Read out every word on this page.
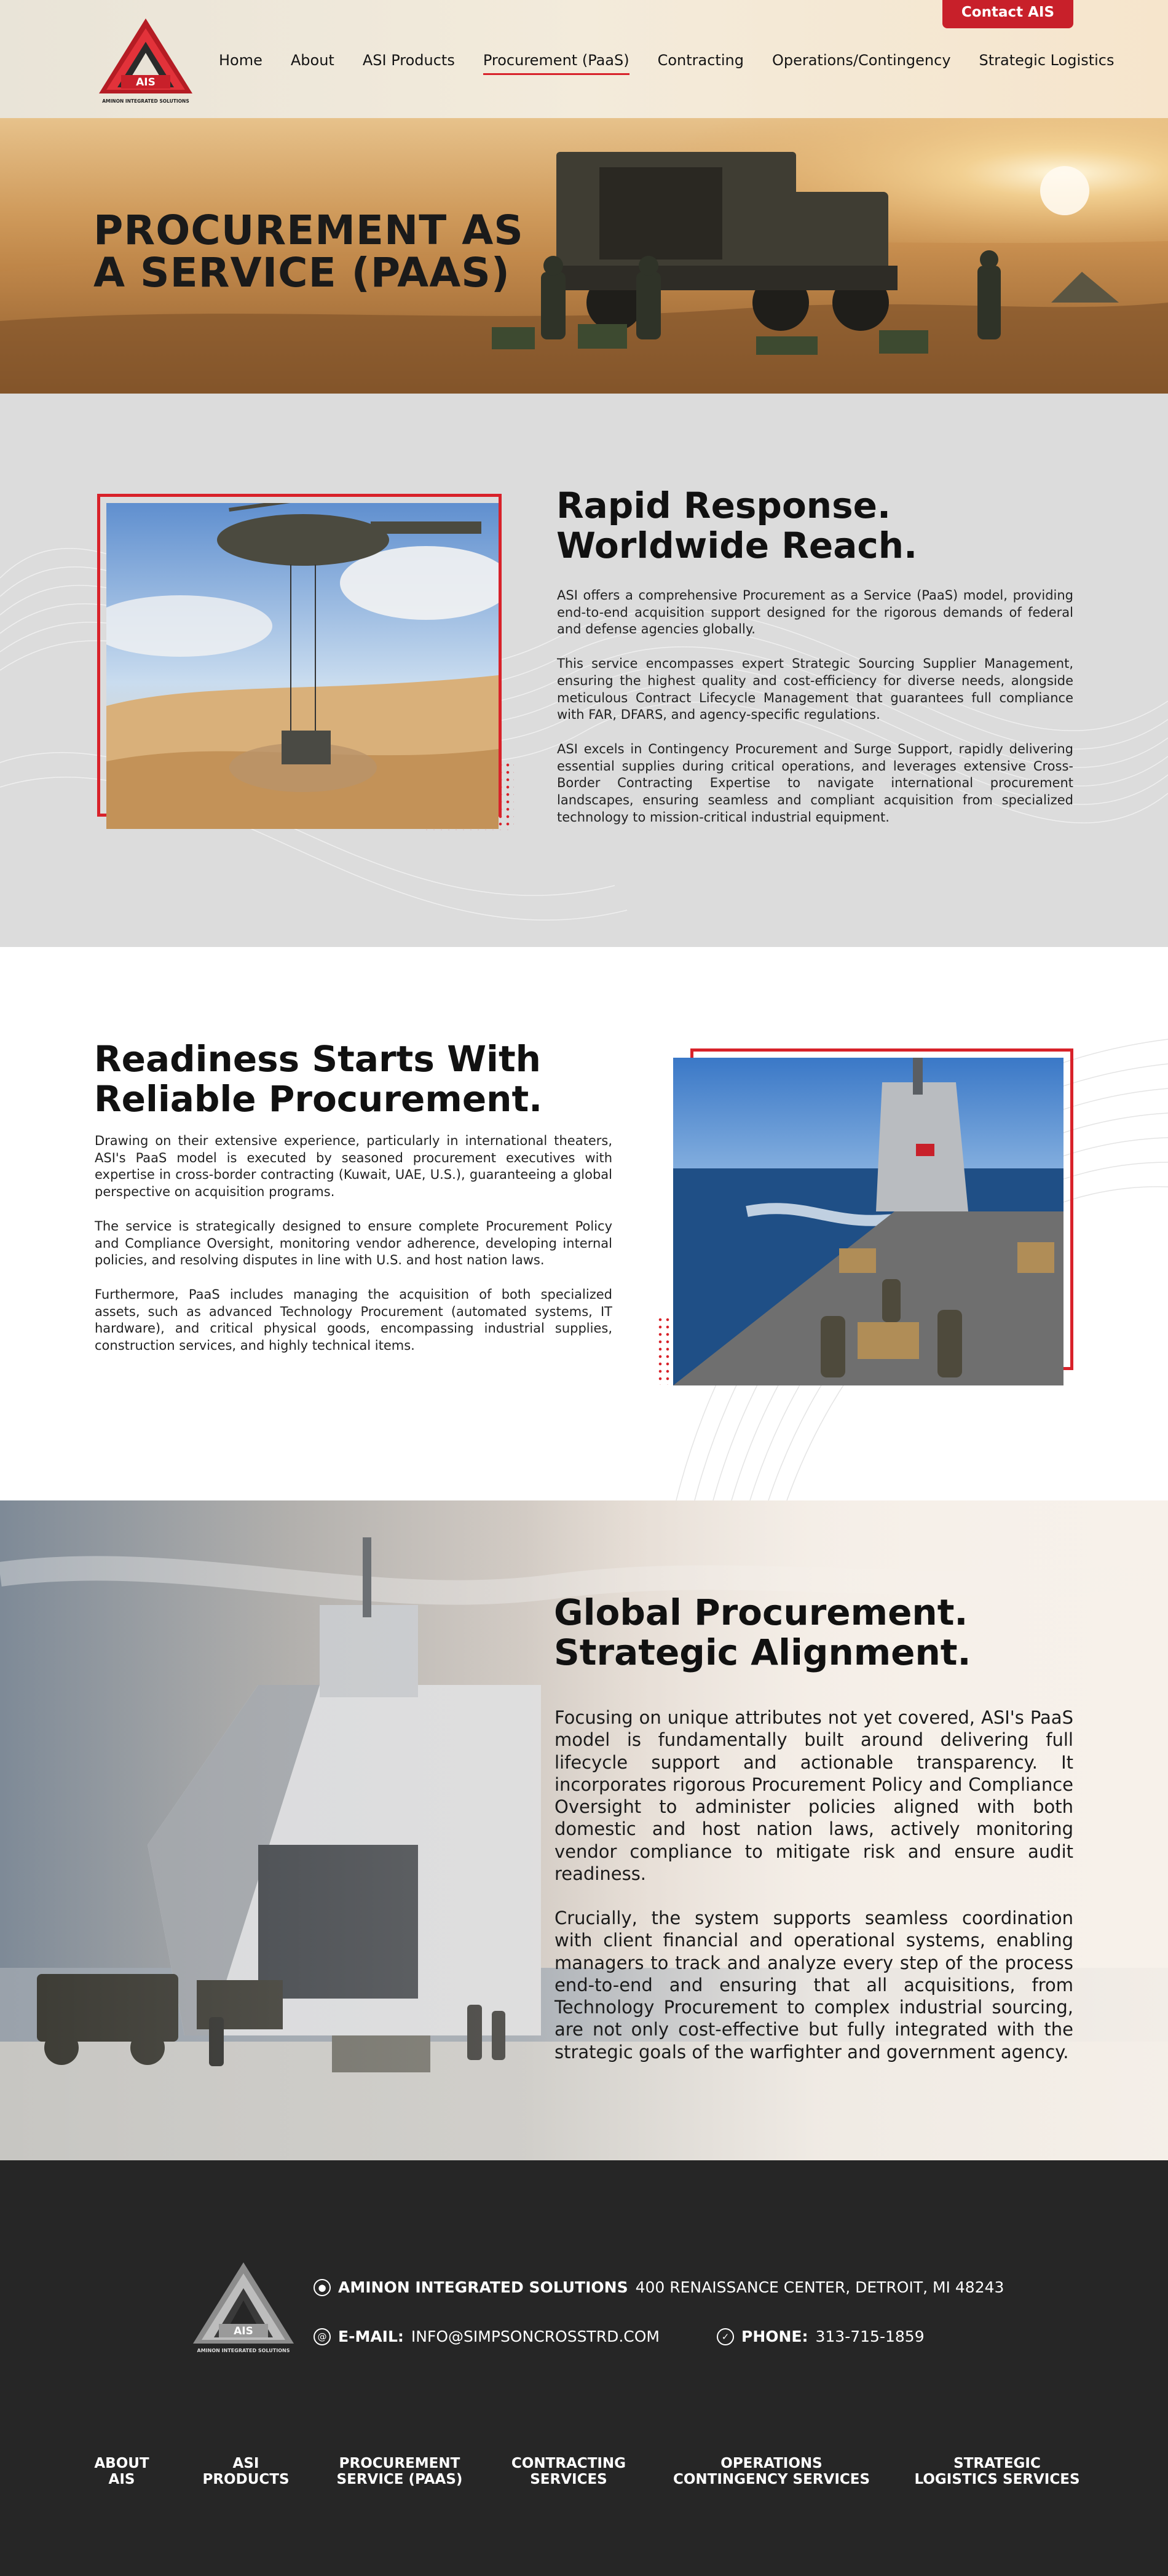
AIS
AMINON INTEGRATED SOLUTIONS
Home About ASI Products Procurement (PaaS) Contracting Operations/Contingency Strategic Logistics
Contact AIS
PROCUREMENT AS
A SERVICE (PAAS)
Rapid Response.
Worldwide Reach.

ASI offers a comprehensive Procurement as a Service (PaaS) model, providing end-to-end acquisition support designed for the rigorous demands of federal and defense agencies globally.

This service encompasses expert Strategic Sourcing Supplier Management, ensuring the highest quality and cost-efficiency for diverse needs, alongside meticulous Contract Lifecycle Management that guarantees full compliance with FAR, DFARS, and agency-specific regulations.

ASI excels in Contingency Procurement and Surge Support, rapidly delivering essential supplies during critical operations, and leverages extensive Cross-Border Contracting Expertise to navigate international procurement landscapes, ensuring seamless and compliant acquisition from specialized technology to mission-critical industrial equipment.

Readiness Starts With
Reliable Procurement.

Drawing on their extensive experience, particularly in international theaters, ASI's PaaS model is executed by seasoned procurement executives with expertise in cross-border contracting (Kuwait, UAE, U.S.), guaranteeing a global perspective on acquisition programs.

The service is strategically designed to ensure complete Procurement Policy and Compliance Oversight, monitoring vendor adherence, developing internal policies, and resolving disputes in line with U.S. and host nation laws.

Furthermore, PaaS includes managing the acquisition of both specialized assets, such as advanced Technology Procurement (automated systems, IT hardware), and critical physical goods, encompassing industrial supplies, construction services, and highly technical items.

Global Procurement.
Strategic Alignment.

Focusing on unique attributes not yet covered, ASI's PaaS model is fundamentally built around delivering full lifecycle support and actionable transparency. It incorporates rigorous Procurement Policy and Compliance Oversight to administer policies aligned with both domestic and host nation laws, actively monitoring vendor compliance to mitigate risk and ensure audit readiness.

Crucially, the system supports seamless coordination with client financial and operational systems, enabling managers to track and analyze every step of the process end-to-end and ensuring that all acquisitions, from Technology Procurement to complex industrial sourcing, are not only cost-effective but fully integrated with the strategic goals of the warfighter and government agency.

AIS
AMINON INTEGRATED SOLUTIONS
● AMINON INTEGRATED SOLUTIONS 400 RENAISSANCE CENTER, DETROIT, MI 48243
@ E-MAIL: INFO@SIMPSONCROSSTRD.COM	✓ PHONE: 313-715-1859
ABOUT
AIS
ASI
PRODUCTS
PROCUREMENT
SERVICE (PAAS)
CONTRACTING
SERVICES
OPERATIONS
CONTINGENCY SERVICES
STRATEGIC
LOGISTICS SERVICES
